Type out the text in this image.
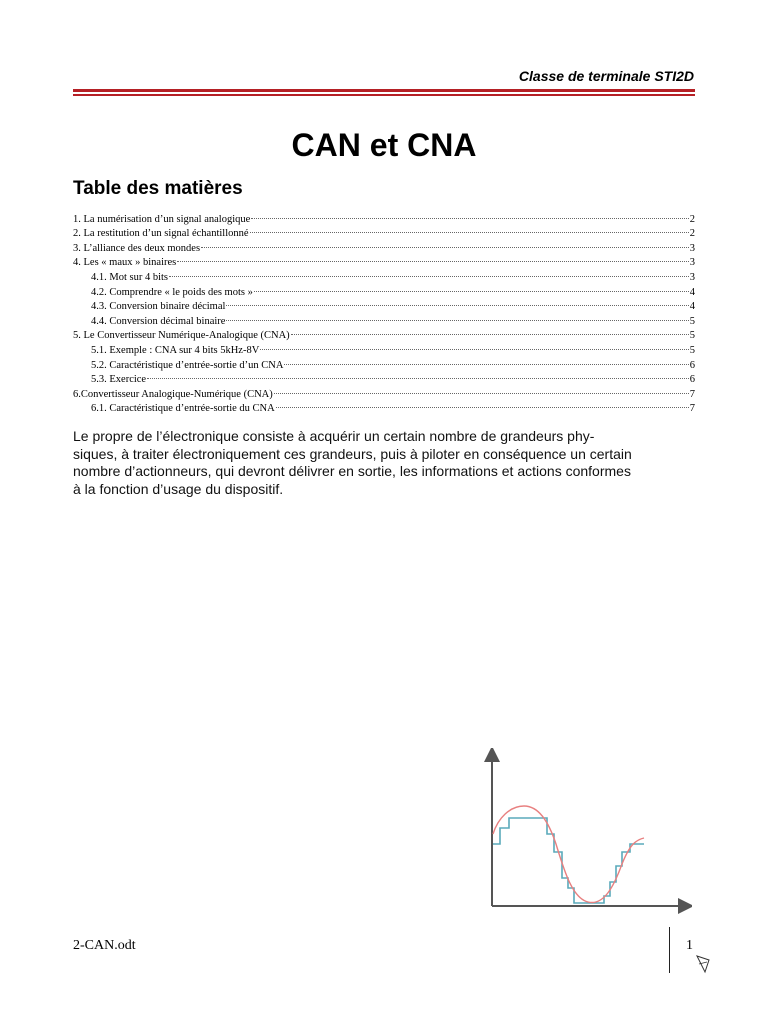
Classe de terminale STI2D
CAN et CNA
Table des matières
1. La numérisation d’un signal analogique	2
2. La restitution d’un signal échantillonné	2
3. L’alliance des deux mondes	3
4. Les « maux » binaires	3
4.1. Mot sur 4 bits	3
4.2. Comprendre « le poids des mots »	4
4.3. Conversion binaire décimal	4
4.4. Conversion décimal binaire	5
5. Le Convertisseur Numérique-Analogique (CNA)	5
5.1. Exemple : CNA sur 4 bits 5kHz-8V	5
5.2. Caractéristique d’entrée-sortie d’un CNA	6
5.3. Exercice	6
6.Convertisseur Analogique-Numérique (CNA)	7
6.1. Caractéristique d’entrée-sortie du CNA	7
Le propre de l’électronique consiste à acquérir un certain nombre de grandeurs phy-
siques, à traiter électroniquement ces grandeurs, puis à piloter en conséquence un certain
nombre d’actionneurs, qui devront délivrer en sortie, les informations et actions conformes
à la fonction d’usage du dispositif.
2-CAN.odt	1
